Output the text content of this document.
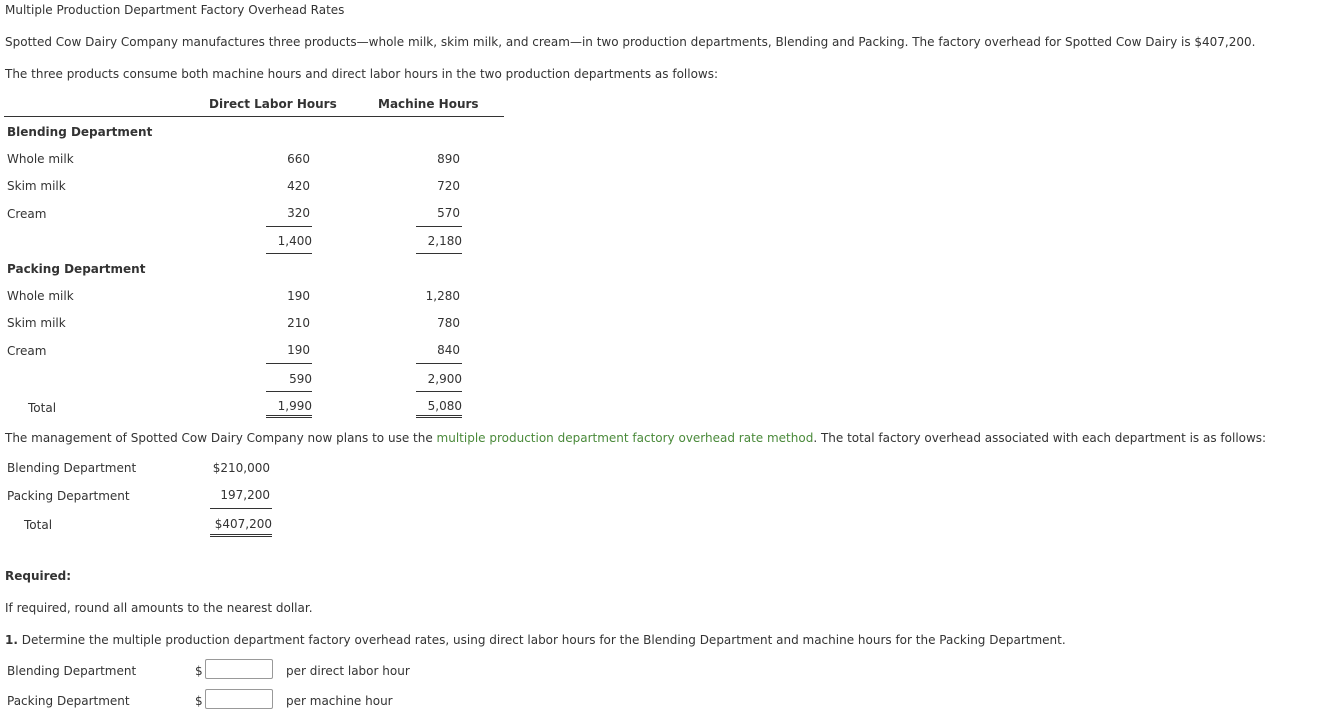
Multiple Production Department Factory Overhead Rates
Spotted Cow Dairy Company manufactures three products—whole milk, skim milk, and cream—in two production departments, Blending and Packing. The factory overhead for Spotted Cow Dairy is $407,200.
The three products consume both machine hours and direct labor hours in the two production departments as follows:
Direct Labor Hours	Machine Hours
Blending Department
Whole milk	660	890
Skim milk	420	720
Cream	320	570
1,400	2,180
Packing Department
Whole milk	190	1,280
Skim milk	210	780
Cream	190	840
590	2,900
Total	1,990	5,080
The management of Spotted Cow Dairy Company now plans to use the multiple production department factory overhead rate method. The total factory overhead associated with each department is as follows:
Blending Department	$210,000
Packing Department	197,200
Total	$407,200
Required:
If required, round all amounts to the nearest dollar.
1. Determine the multiple production department factory overhead rates, using direct labor hours for the Blending Department and machine hours for the Packing Department.
Blending Department	$	per direct labor hour
Packing Department	$	per machine hour
